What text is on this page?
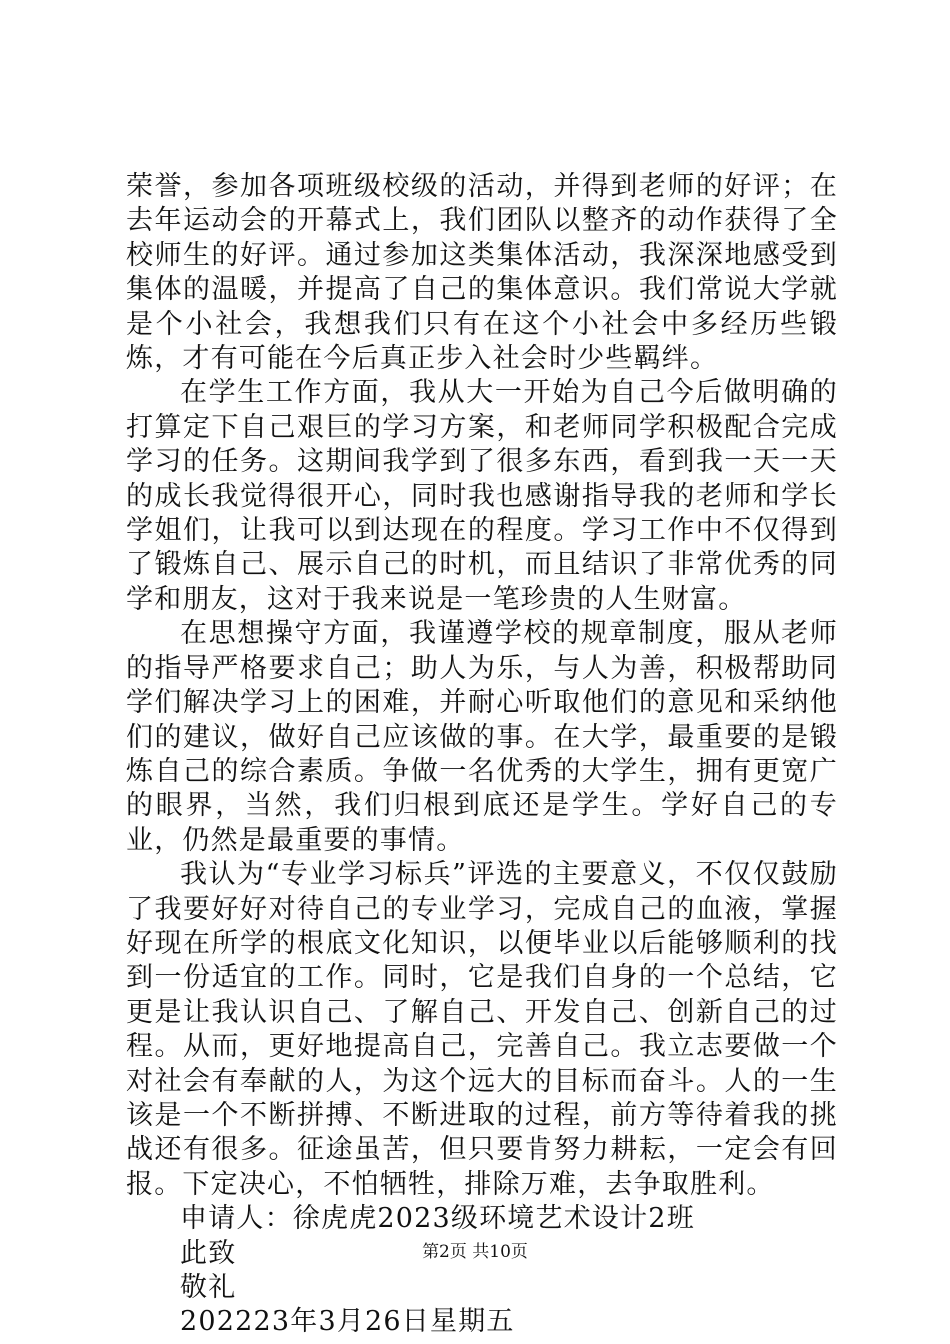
荣誉，参加各项班级校级的活动，并得到老师的好评；在去年运动会的开幕式上，我们团队以整齐的动作获得了全校师生的好评。通过参加这类集体活动，我深深地感受到集体的温暖，并提高了自己的集体意识。我们常说大学就是个小社会，我想我们只有在这个小社会中多经历些锻炼，才有可能在今后真正步入社会时少些羁绊。

在学生工作方面，我从大一开始为自己今后做明确的打算定下自己艰巨的学习方案，和老师同学积极配合完成学习的任务。这期间我学到了很多东西，看到我一天一天的成长我觉得很开心，同时我也感谢指导我的老师和学长学姐们，让我可以到达现在的程度。学习工作中不仅得到了锻炼自己、展示自己的时机，而且结识了非常优秀的同学和朋友，这对于我来说是一笔珍贵的人生财富。

在思想操守方面，我谨遵学校的规章制度，服从老师的指导严格要求自己；助人为乐，与人为善，积极帮助同学们解决学习上的困难，并耐心听取他们的意见和采纳他们的建议，做好自己应该做的事。在大学，最重要的是锻炼自己的综合素质。争做一名优秀的大学生，拥有更宽广的眼界，当然，我们归根到底还是学生。学好自己的专业，仍然是最重要的事情。

我认为“专业学习标兵”评选的主要意义，不仅仅鼓励了我要好好对待自己的专业学习，完成自己的血液，掌握好现在所学的根底文化知识，以便毕业以后能够顺利的找到一份适宜的工作。同时，它是我们自身的一个总结，它更是让我认识自己、了解自己、开发自己、创新自己的过程。从而，更好地提高自己，完善自己。我立志要做一个对社会有奉献的人，为这个远大的目标而奋斗。人的一生该是一个不断拼搏、不断进取的过程，前方等待着我的挑战还有很多。征途虽苦，但只要肯努力耕耘，一定会有回报。下定决心，不怕牺牲，排除万难，去争取胜利。

申请人：徐虎虎2023级环境艺术设计2班

此致

敬礼

202223年3月26日星期五

第2页 共10页
